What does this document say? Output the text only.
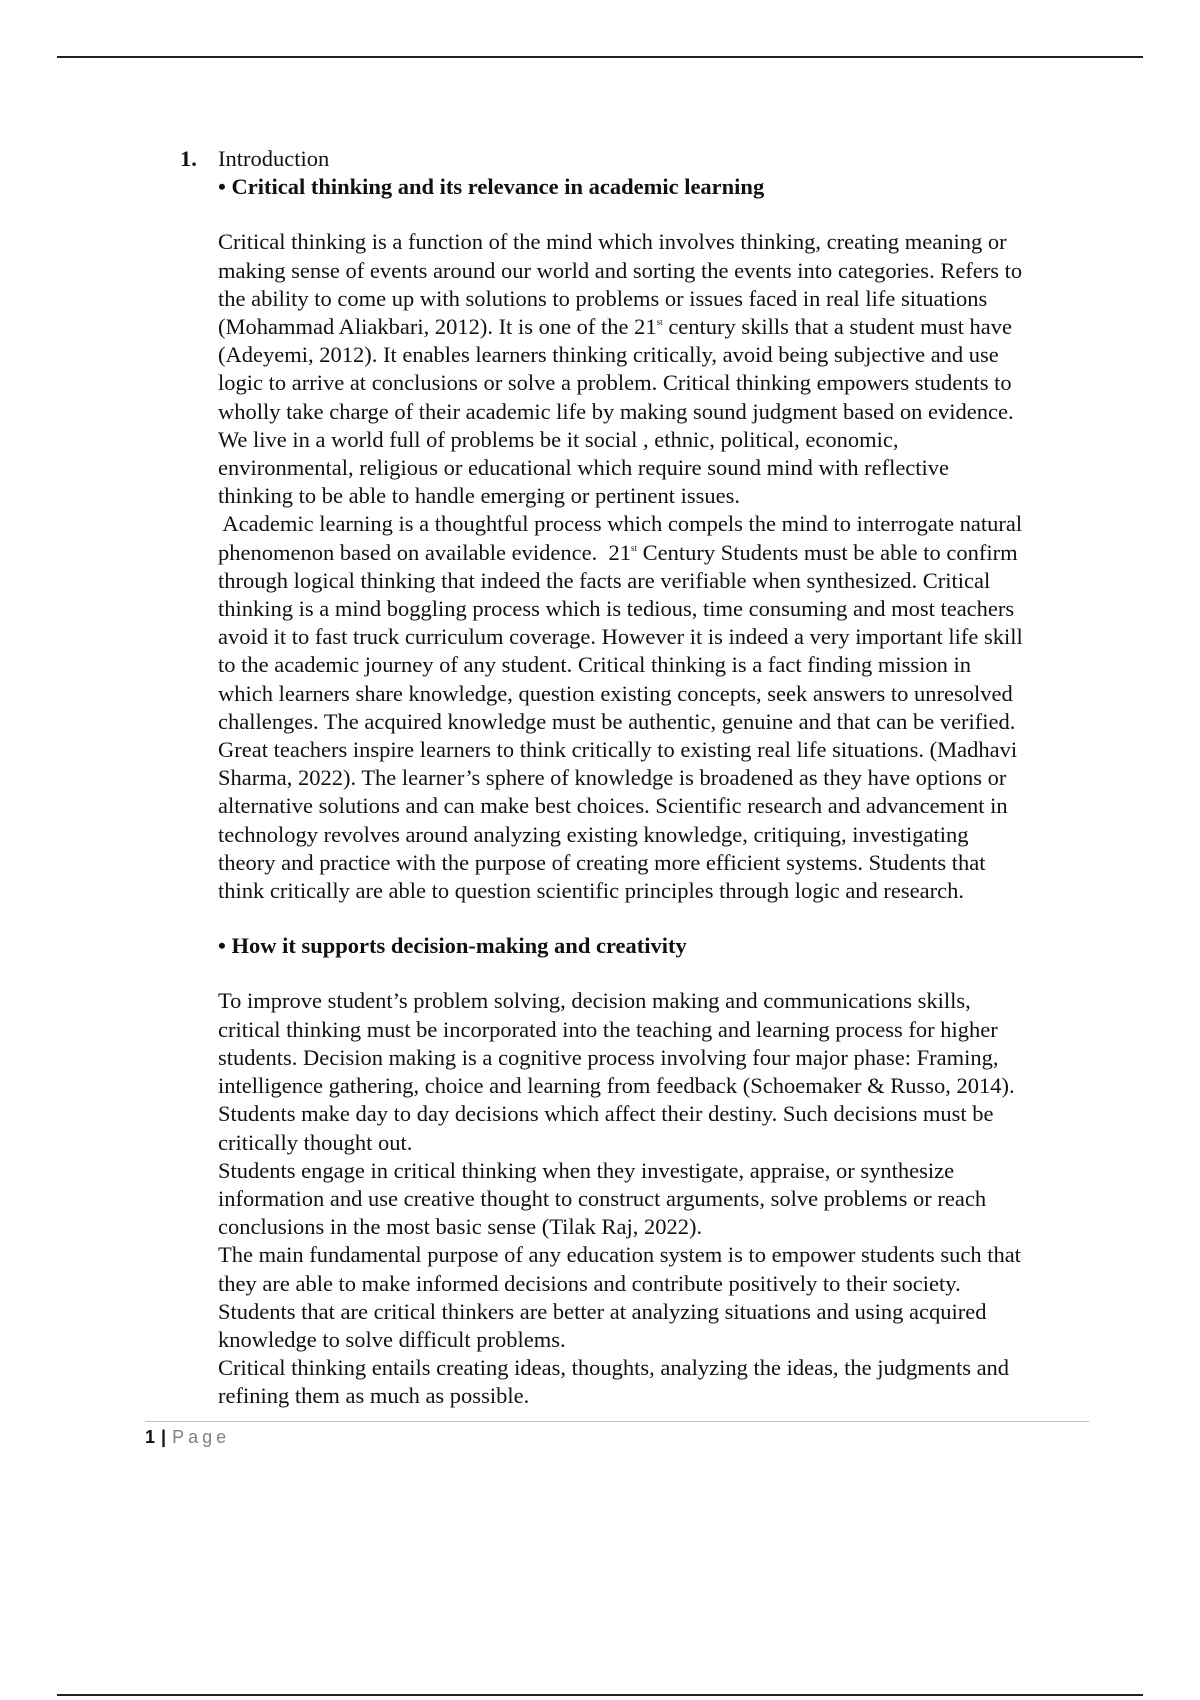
1. Introduction

• Critical thinking and its relevance in academic learning

Critical thinking is a function of the mind which involves thinking, creating meaning or

making sense of events around our world and sorting the events into categories. Refers to

the ability to come up with solutions to problems or issues faced in real life situations

(Mohammad Aliakbari, 2012). It is one of the 21st century skills that a student must have

(Adeyemi, 2012). It enables learners thinking critically, avoid being subjective and use

logic to arrive at conclusions or solve a problem. Critical thinking empowers students to

wholly take charge of their academic life by making sound judgment based on evidence.

We live in a world full of problems be it social , ethnic, political, economic,

environmental, religious or educational which require sound mind with reflective

thinking to be able to handle emerging or pertinent issues.

Academic learning is a thoughtful process which compels the mind to interrogate natural

phenomenon based on available evidence.  21st Century Students must be able to confirm

through logical thinking that indeed the facts are verifiable when synthesized. Critical

thinking is a mind boggling process which is tedious, time consuming and most teachers

avoid it to fast truck curriculum coverage. However it is indeed a very important life skill

to the academic journey of any student. Critical thinking is a fact finding mission in

which learners share knowledge, question existing concepts, seek answers to unresolved

challenges. The acquired knowledge must be authentic, genuine and that can be verified.

Great teachers inspire learners to think critically to existing real life situations. (Madhavi

Sharma, 2022). The learner’s sphere of knowledge is broadened as they have options or

alternative solutions and can make best choices. Scientific research and advancement in

technology revolves around analyzing existing knowledge, critiquing, investigating

theory and practice with the purpose of creating more efficient systems. Students that

think critically are able to question scientific principles through logic and research.

• How it supports decision-making and creativity

To improve student’s problem solving, decision making and communications skills,

critical thinking must be incorporated into the teaching and learning process for higher

students. Decision making is a cognitive process involving four major phase: Framing,

intelligence gathering, choice and learning from feedback (Schoemaker & Russo, 2014).

Students make day to day decisions which affect their destiny. Such decisions must be

critically thought out.

Students engage in critical thinking when they investigate, appraise, or synthesize

information and use creative thought to construct arguments, solve problems or reach

conclusions in the most basic sense (Tilak Raj, 2022).

The main fundamental purpose of any education system is to empower students such that

they are able to make informed decisions and contribute positively to their society.

Students that are critical thinkers are better at analyzing situations and using acquired

knowledge to solve difficult problems.

Critical thinking entails creating ideas, thoughts, analyzing the ideas, the judgments and

refining them as much as possible.

1 | Page
